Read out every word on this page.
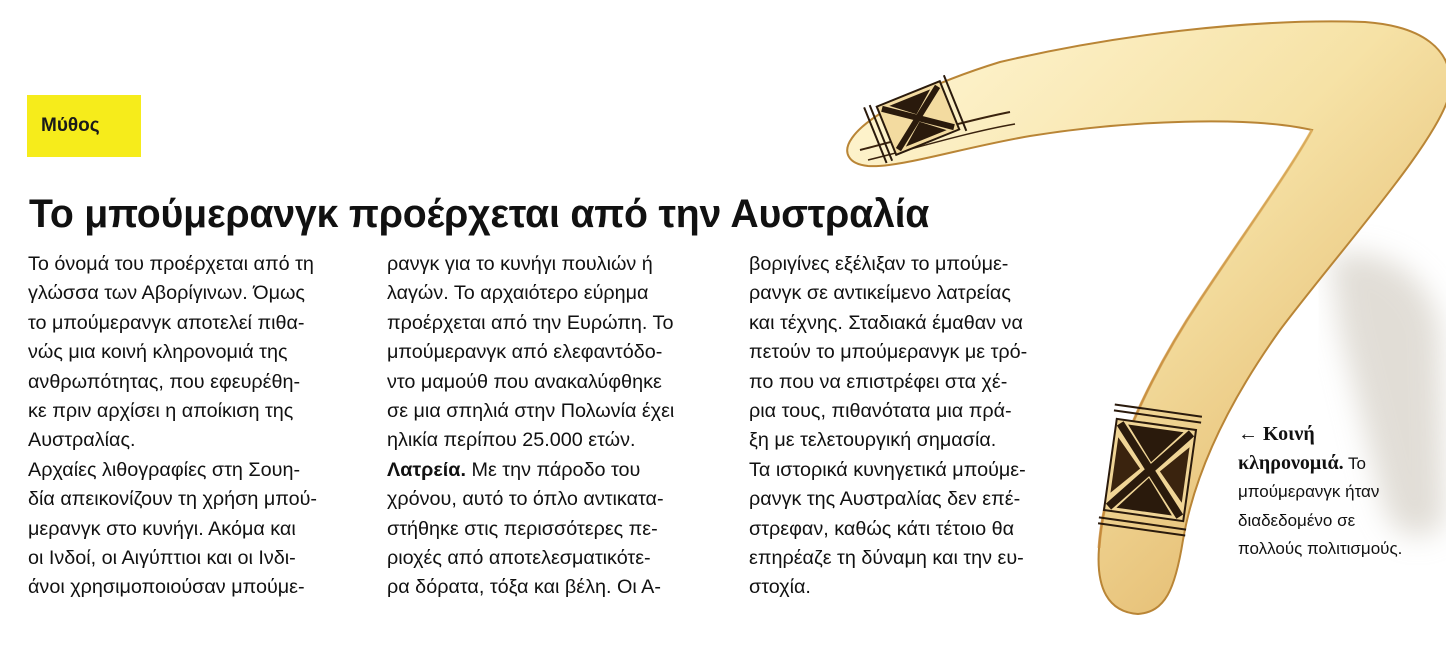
Μύθος
Το μπούμερανγκ προέρχεται από την Αυστραλία
Το όνομά του προέρχεται από τη
γλώσσα των Αβορίγινων. Όμως
το μπούμερανγκ αποτελεί πιθα-
νώς μια κοινή κληρονομιά της
ανθρωπότητας, που εφευρέθη-
κε πριν αρχίσει η αποίκιση της
Αυστραλίας.
Αρχαίες λιθογραφίες στη Σουη-
δία απεικονίζουν τη χρήση μπού-
μερανγκ στο κυνήγι. Ακόμα και
οι Ινδοί, οι Αιγύπτιοι και οι Ινδι-
άνοι χρησιμοποιούσαν μπούμε-
ρανγκ για το κυνήγι πουλιών ή
λαγών. Το αρχαιότερο εύρημα
προέρχεται από την Ευρώπη. Το
μπούμερανγκ από ελεφαντόδο-
ντο μαμούθ που ανακαλύφθηκε
σε μια σπηλιά στην Πολωνία έχει
ηλικία περίπου 25.000 ετών.
Λατρεία. Με την πάροδο του
χρόνου, αυτό το όπλο αντικατα-
στήθηκε στις περισσότερες πε-
ριοχές από αποτελεσματικότε-
ρα δόρατα, τόξα και βέλη. Οι Α-
βοριγίνες εξέλιξαν το μπούμε-
ρανγκ σε αντικείμενο λατρείας
και τέχνης. Σταδιακά έμαθαν να
πετούν το μπούμερανγκ με τρό-
πο που να επιστρέφει στα χέ-
ρια τους, πιθανότατα μια πρά-
ξη με τελετουργική σημασία.
Τα ιστορικά κυνηγετικά μπούμε-
ρανγκ της Αυστραλίας δεν επέ-
στρεφαν, καθώς κάτι τέτοιο θα
επηρέαζε τη δύναμη και την ευ-
στοχία.
← Κοινή
κληρονομιά. Το
μπούμερανγκ ήταν
διαδεδομένο σε
πολλούς πολιτισμούς.
